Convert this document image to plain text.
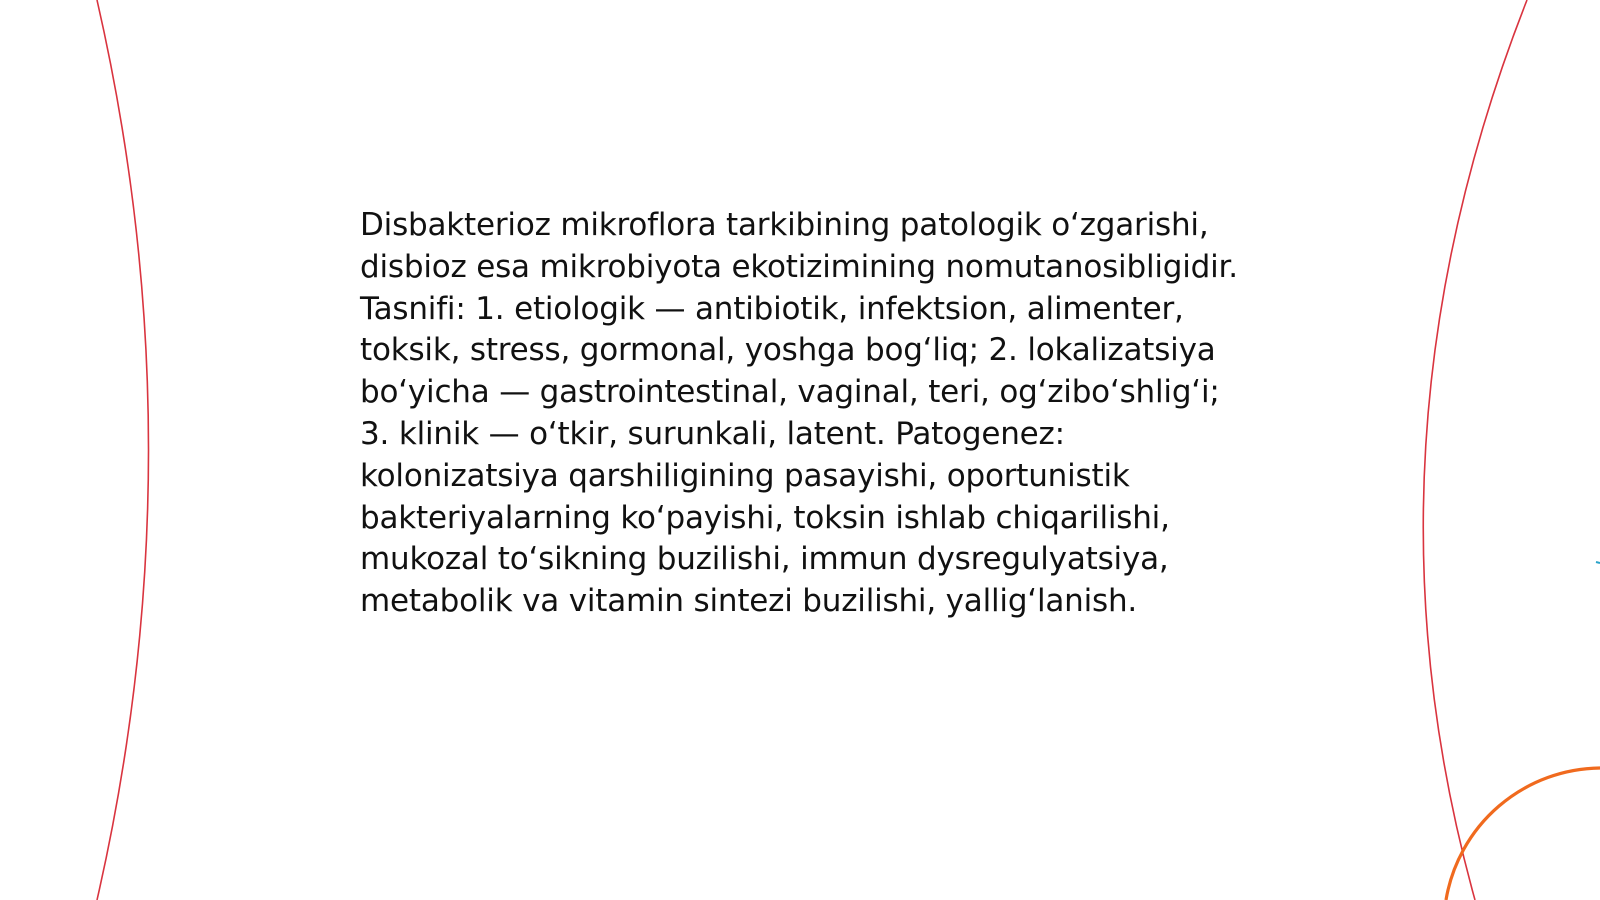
Disbakterioz mikroflora tarkibining patologik o‘zgarishi, disbioz esa mikrobiyota ekotizimining nomutanosibligidir. Tasnifi: 1. etiologik — antibiotik, infektsion, alimenter, toksik, stress, gormonal, yoshga bog‘liq; 2. lokalizatsiya bo‘yicha — gastrointestinal, vaginal, teri, og‘zibo‘shlig‘i; 3. klinik — o‘tkir, surunkali, latent. Patogenez: kolonizatsiya qarshiligining pasayishi, oportunistik bakteriyalarning ko‘payishi, toksin ishlab chiqarilishi, mukozal to‘sikning buzilishi, immun dysregulyatsiya, metabolik va vitamin sintezi buzilishi, yallig‘lanish.
